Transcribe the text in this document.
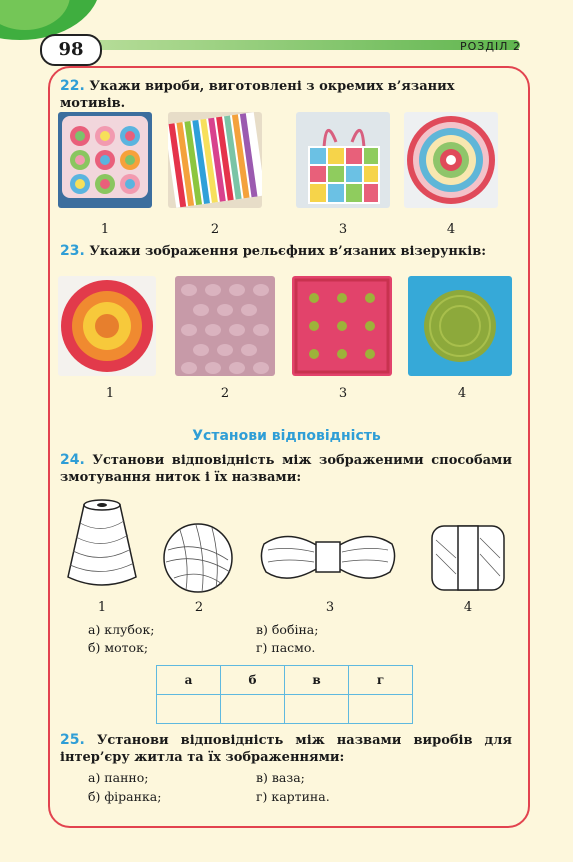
98	РОЗДІЛ 2
22. Укажи вироби, виготовлені з окремих в’язаних мотивів.
1	2	3	4
23. Укажи зображення рельєфних в’язаних візерунків:
1	2	3	4
Установи відповідність
24. Установи відповідність між зображеними способами змотування ниток і їх назвами:
1	2	3	4
а) клубок;	в) бобіна;
б) моток;	г) пасмо.
а	б	в	г

25. Установи відповідність між назвами виробів для інтер’єру житла та їх зображеннями:
а) панно;	в) ваза;
б) фіранка;	г) картина.
